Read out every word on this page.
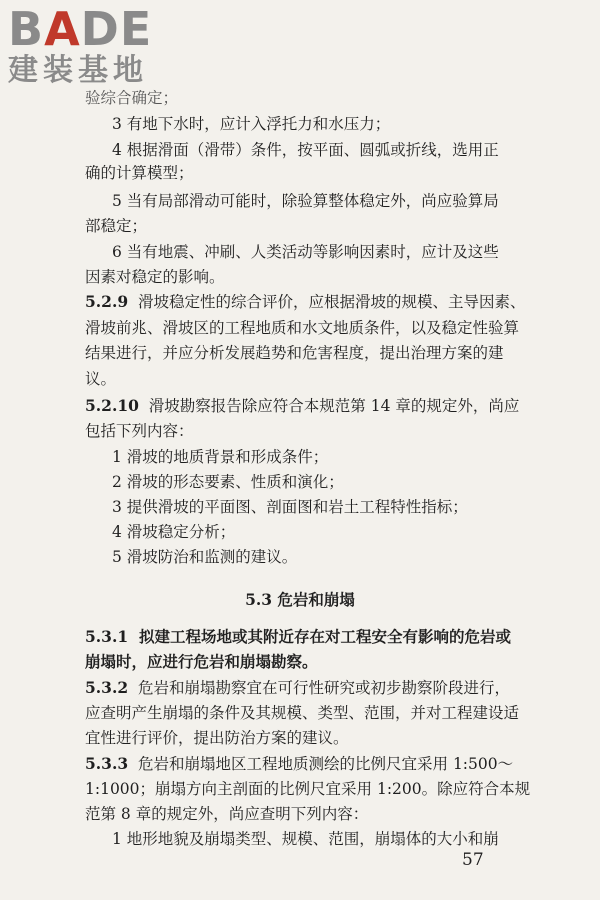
BADE
建装基地
验综合确定；
3 有地下水时，应计入浮托力和水压力；
4 根据滑面（滑带）条件，按平面、圆弧或折线，选用正
确的计算模型；
5 当有局部滑动可能时，除验算整体稳定外，尚应验算局
部稳定；
6 当有地震、冲刷、人类活动等影响因素时，应计及这些
因素对稳定的影响。
5.2.9 滑坡稳定性的综合评价，应根据滑坡的规模、主导因素、
滑坡前兆、滑坡区的工程地质和水文地质条件，以及稳定性验算
结果进行，并应分析发展趋势和危害程度，提出治理方案的建
议。
5.2.10 滑坡勘察报告除应符合本规范第 14 章的规定外，尚应
包括下列内容：
1 滑坡的地质背景和形成条件；
2 滑坡的形态要素、性质和演化；
3 提供滑坡的平面图、剖面图和岩土工程特性指标；
4 滑坡稳定分析；
5 滑坡防治和监测的建议。
5.3 危岩和崩塌
5.3.1 拟建工程场地或其附近存在对工程安全有影响的危岩或
崩塌时，应进行危岩和崩塌勘察。
5.3.2 危岩和崩塌勘察宜在可行性研究或初步勘察阶段进行，
应查明产生崩塌的条件及其规模、类型、范围，并对工程建设适
宜性进行评价，提出防治方案的建议。
5.3.3 危岩和崩塌地区工程地质测绘的比例尺宜采用 1:500～
1:1000；崩塌方向主剖面的比例尺宜采用 1:200。除应符合本规
范第 8 章的规定外，尚应查明下列内容：
1 地形地貌及崩塌类型、规模、范围，崩塌体的大小和崩
57
